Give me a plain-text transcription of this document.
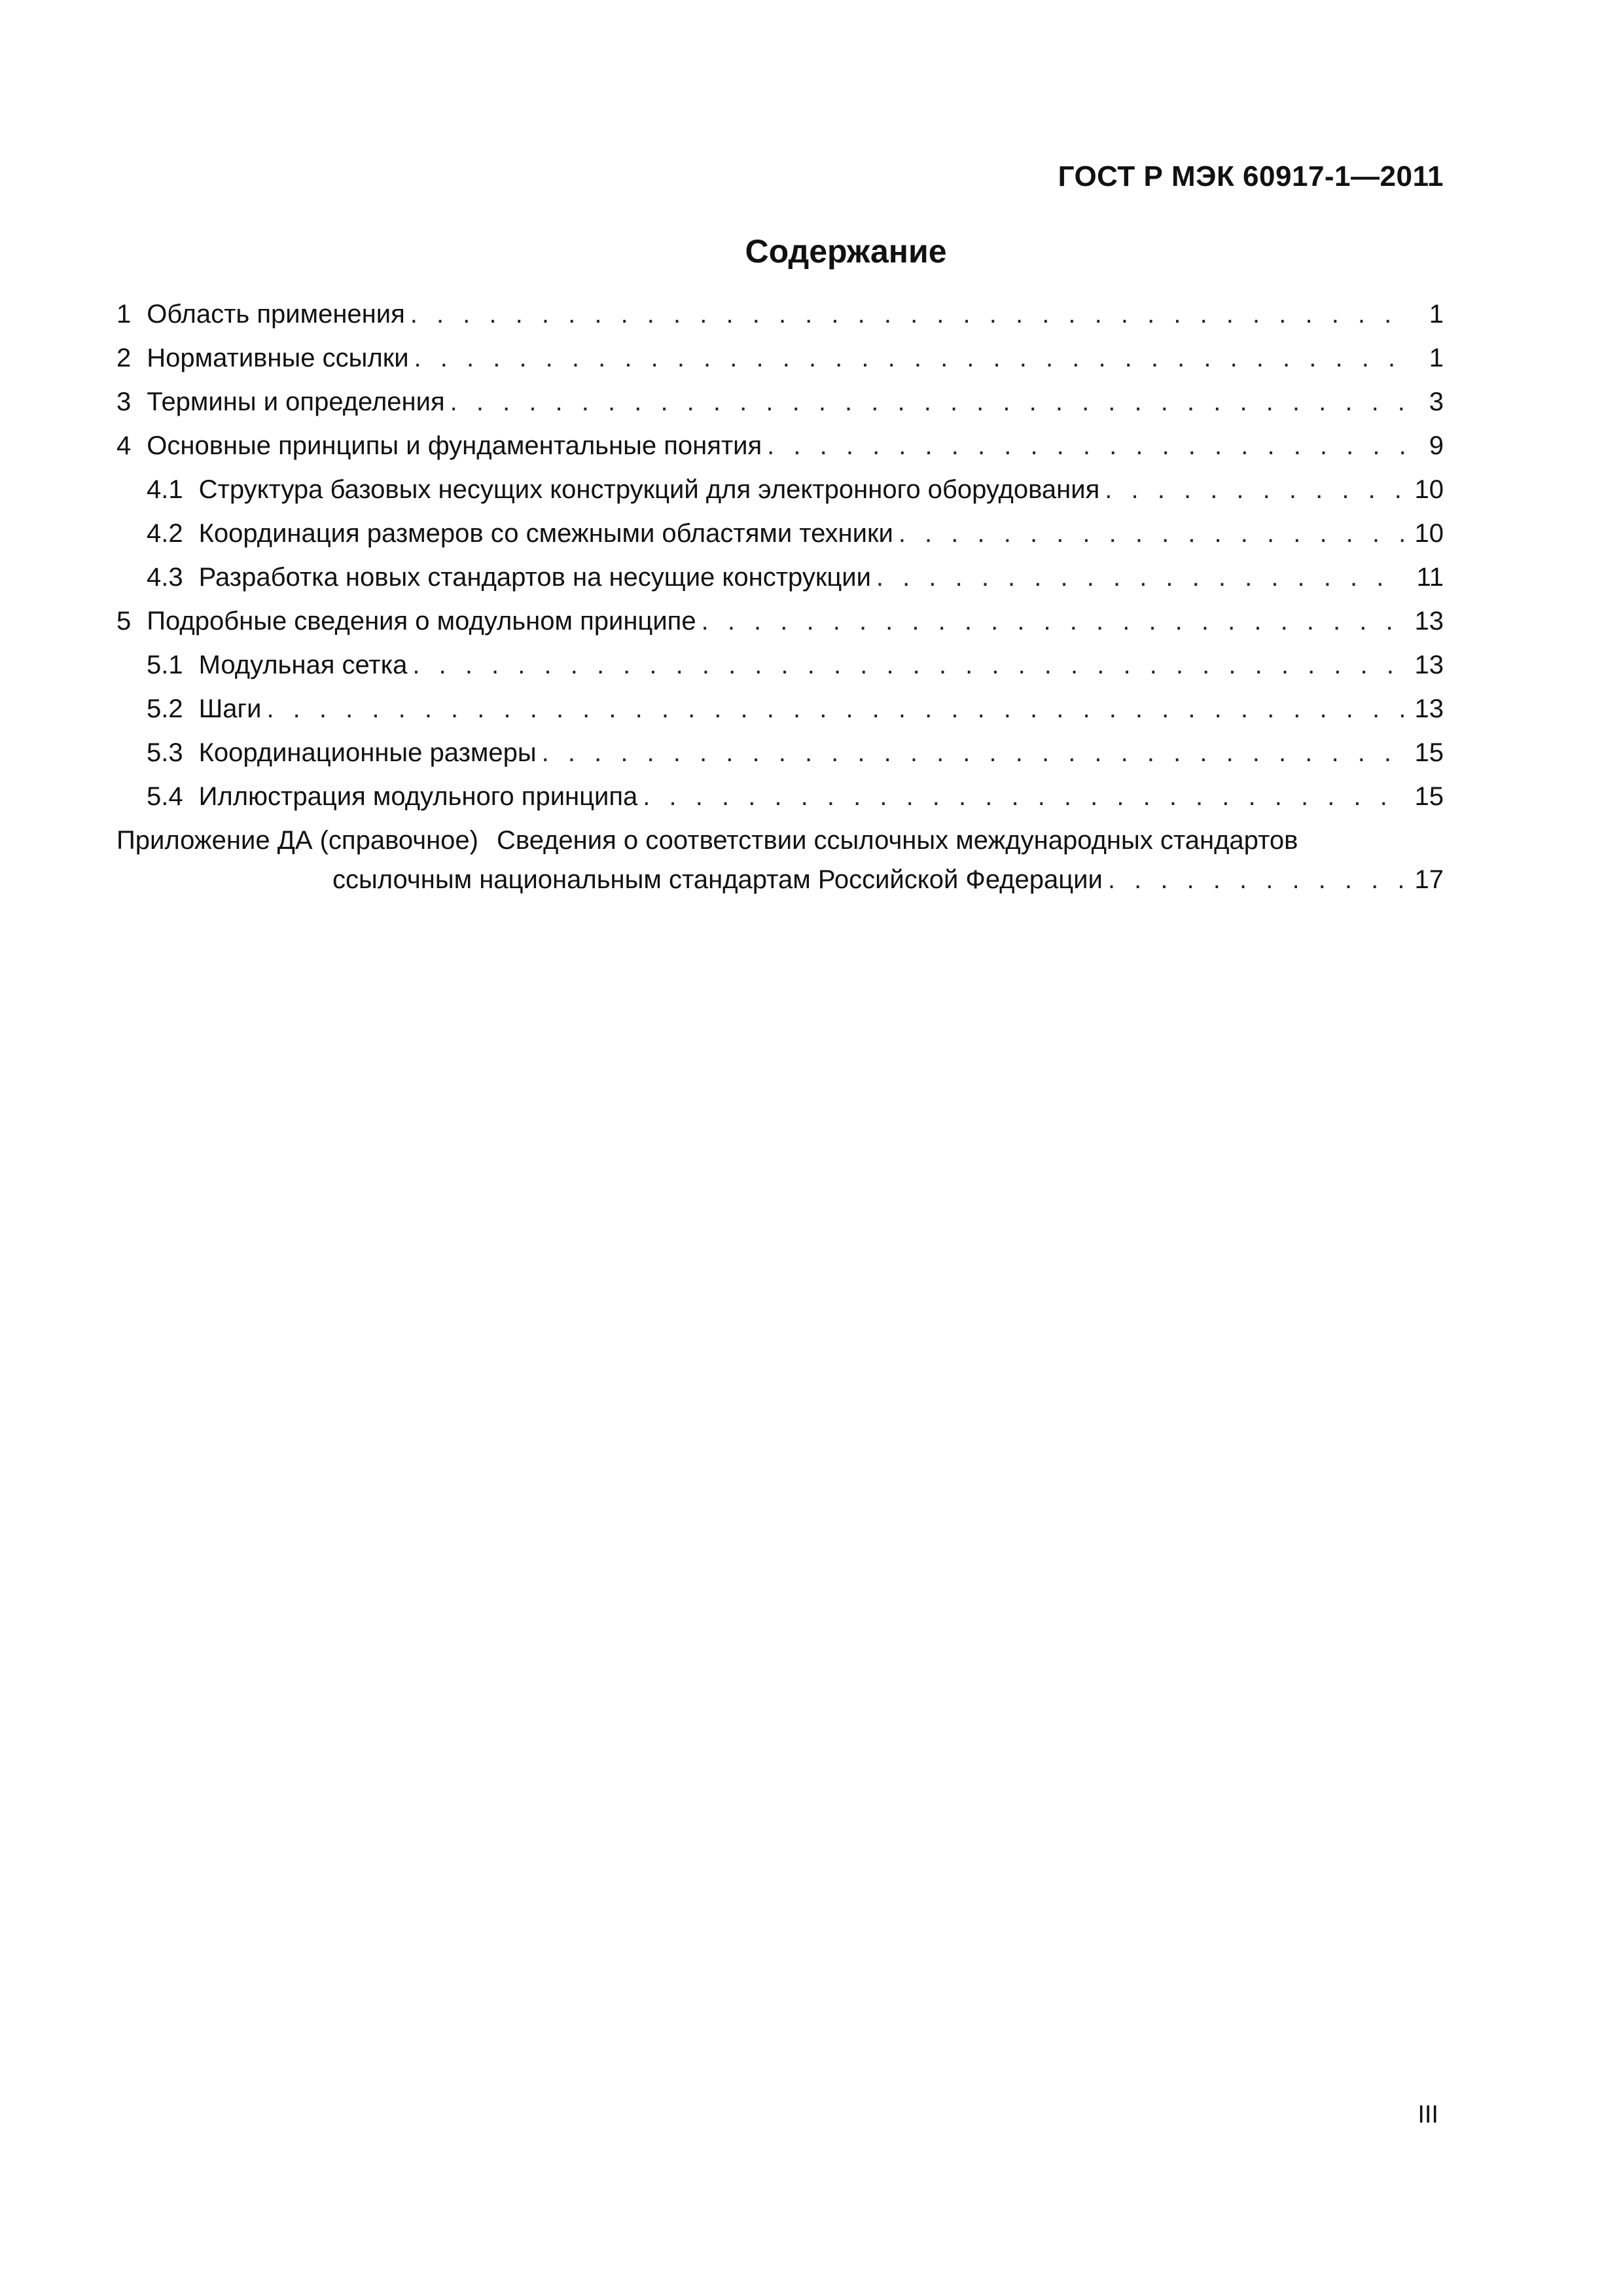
ГОСТ Р МЭК 60917-1—2011
Содержание
1 Область применения . . .	1
2 Нормативные ссылки . . .	1
3 Термины и определения . . .	3
4 Основные принципы и фундаментальные понятия . . .	9
4.1 Структура базовых несущих конструкций для электронного оборудования . . .	10
4.2 Координация размеров со смежными областями техники . . .	10
4.3 Разработка новых стандартов на несущие конструкции . . .	11
5 Подробные сведения о модульном принципе . . .	13
5.1 Модульная сетка . . .	13
5.2 Шаги . . .	13
5.3 Координационные размеры . . .	15
5.4 Иллюстрация модульного принципа . . .	15
Приложение ДА (справочное) Сведения о соответствии ссылочных международных стандартов
ссылочным национальным стандартам Российской Федерации . . .	17
III
